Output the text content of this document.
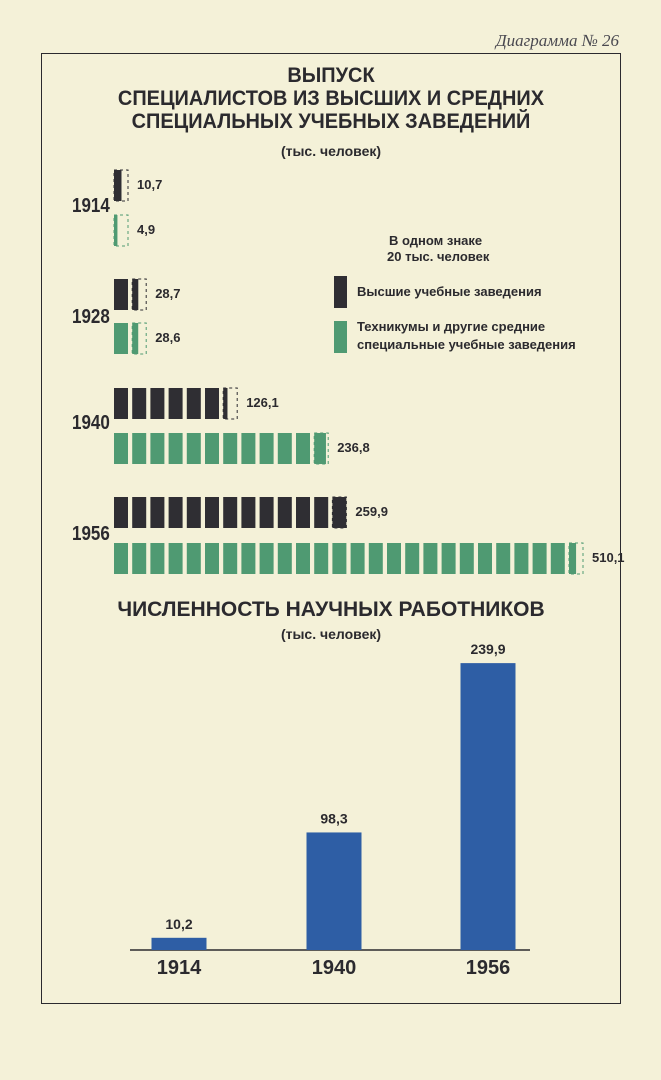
Диаграмма № 26
ВЫПУСК
СПЕЦИАЛИСТОВ ИЗ ВЫСШИХ И СРЕДНИХ
СПЕЦИАЛЬНЫХ УЧЕБНЫХ ЗАВЕДЕНИЙ
(тыс. человек)
1914
1928
1940
1956
В одном знаке
20 тыс. человек
Высшие учебные заведения
Техникумы и другие средние
специальные учебные заведения
ЧИСЛЕННОСТЬ НАУЧНЫХ РАБОТНИКОВ
(тыс. человек)
10,7
28,7
126,1
259,9
4,9
28,6
236,8
510,1
10,2
1914
98,3
1940
239,9
1956
